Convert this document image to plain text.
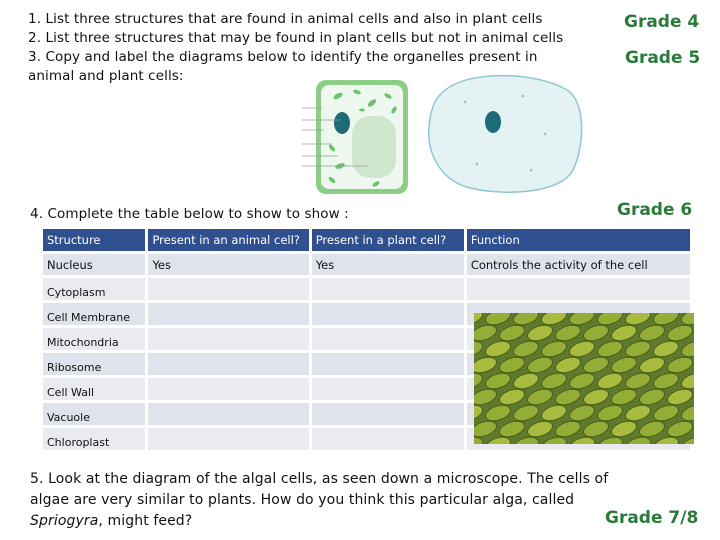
1. List three structures that are found in animal cells and also in plant cells
2. List three structures that may be found in plant cells but not in animal cells
3. Copy and label the diagrams below to identify the organelles present in
animal and plant cells:
Grade 4
Grade 5
Grade 6
Grade 7/8
4. Complete the table below to show to show :
Structure	Present in an animal cell?	Present in a plant cell?	Function
Nucleus	Yes	Yes	Controls the activity of the cell
Cytoplasm			
Cell Membrane			
Mitochondria			
Ribosome			
Cell Wall			
Vacuole			
Chloroplast			
5. Look at the diagram of the algal cells, as seen down a microscope. The cells of
algae are very similar to plants. How do you think this particular alga, called
Spriogyra, might feed?
